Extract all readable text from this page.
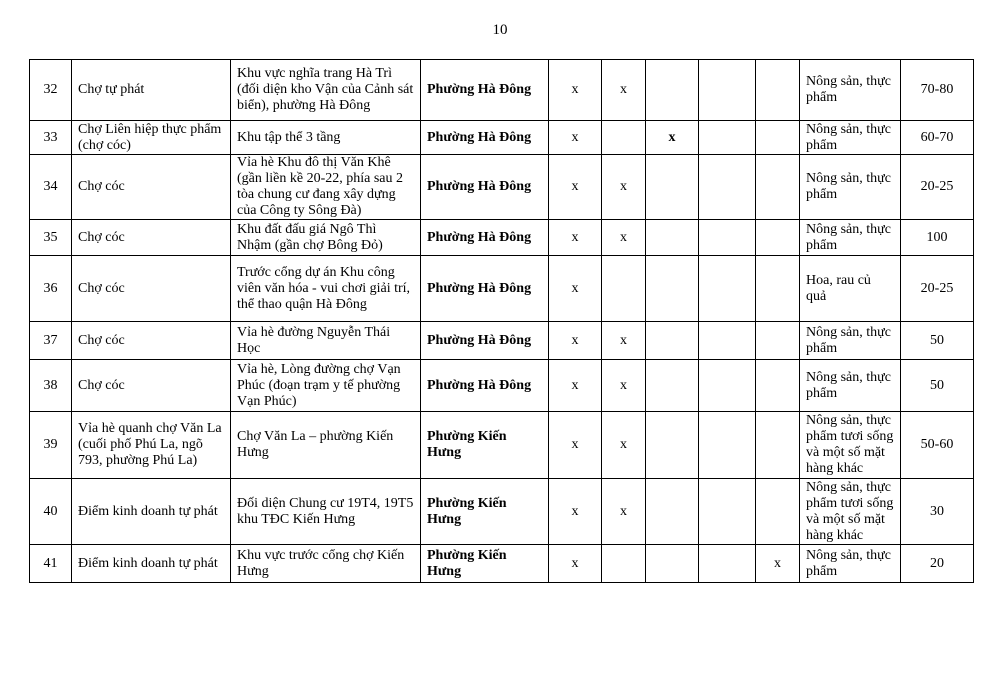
10
32	Chợ tự phát	Khu vực nghĩa trang Hà Trì (đối diện kho Vận của Cảnh sát biển), phường Hà Đông	Phường Hà Đông	x	x				Nông sản, thực phẩm	70-80
33	Chợ Liên hiệp thực phẩm (chợ cóc)	Khu tập thể 3 tầng	Phường Hà Đông	x		x			Nông sản, thực phẩm	60-70
34	Chợ cóc	Vỉa hè Khu đô thị Văn Khê (gần liền kề 20-22, phía sau 2 tòa chung cư đang xây dựng của Công ty Sông Đà)	Phường Hà Đông	x	x				Nông sản, thực phẩm	20-25
35	Chợ cóc	Khu đất đấu giá Ngô Thì Nhậm (gần chợ Bông Đỏ)	Phường Hà Đông	x	x				Nông sản, thực phẩm	100
36	Chợ cóc	Trước cổng dự án Khu công viên văn hóa - vui chơi giải trí, thể thao quận Hà Đông	Phường Hà Đông	x					Hoa, rau củ quả	20-25
37	Chợ cóc	Vỉa hè đường Nguyễn Thái Học	Phường Hà Đông	x	x				Nông sản, thực phẩm	50
38	Chợ cóc	Vỉa hè, Lòng đường chợ Vạn Phúc (đoạn trạm y tế phường Vạn Phúc)	Phường Hà Đông	x	x				Nông sản, thực phẩm	50
39	Vỉa hè quanh chợ Văn La (cuối phố Phú La, ngõ 793, phường Phú La)	Chợ Văn La – phường Kiến Hưng	Phường Kiến Hưng	x	x				Nông sản, thực phẩm tươi sống và một số mặt hàng khác	50-60
40	Điểm kinh doanh tự phát	Đối diện Chung cư 19T4, 19T5 khu TĐC Kiến Hưng	Phường Kiến Hưng	x	x				Nông sản, thực phẩm tươi sống và một số mặt hàng khác	30
41	Điểm kinh doanh tự phát	Khu vực trước cổng chợ Kiến Hưng	Phường Kiến Hưng	x				x	Nông sản, thực phẩm	20
